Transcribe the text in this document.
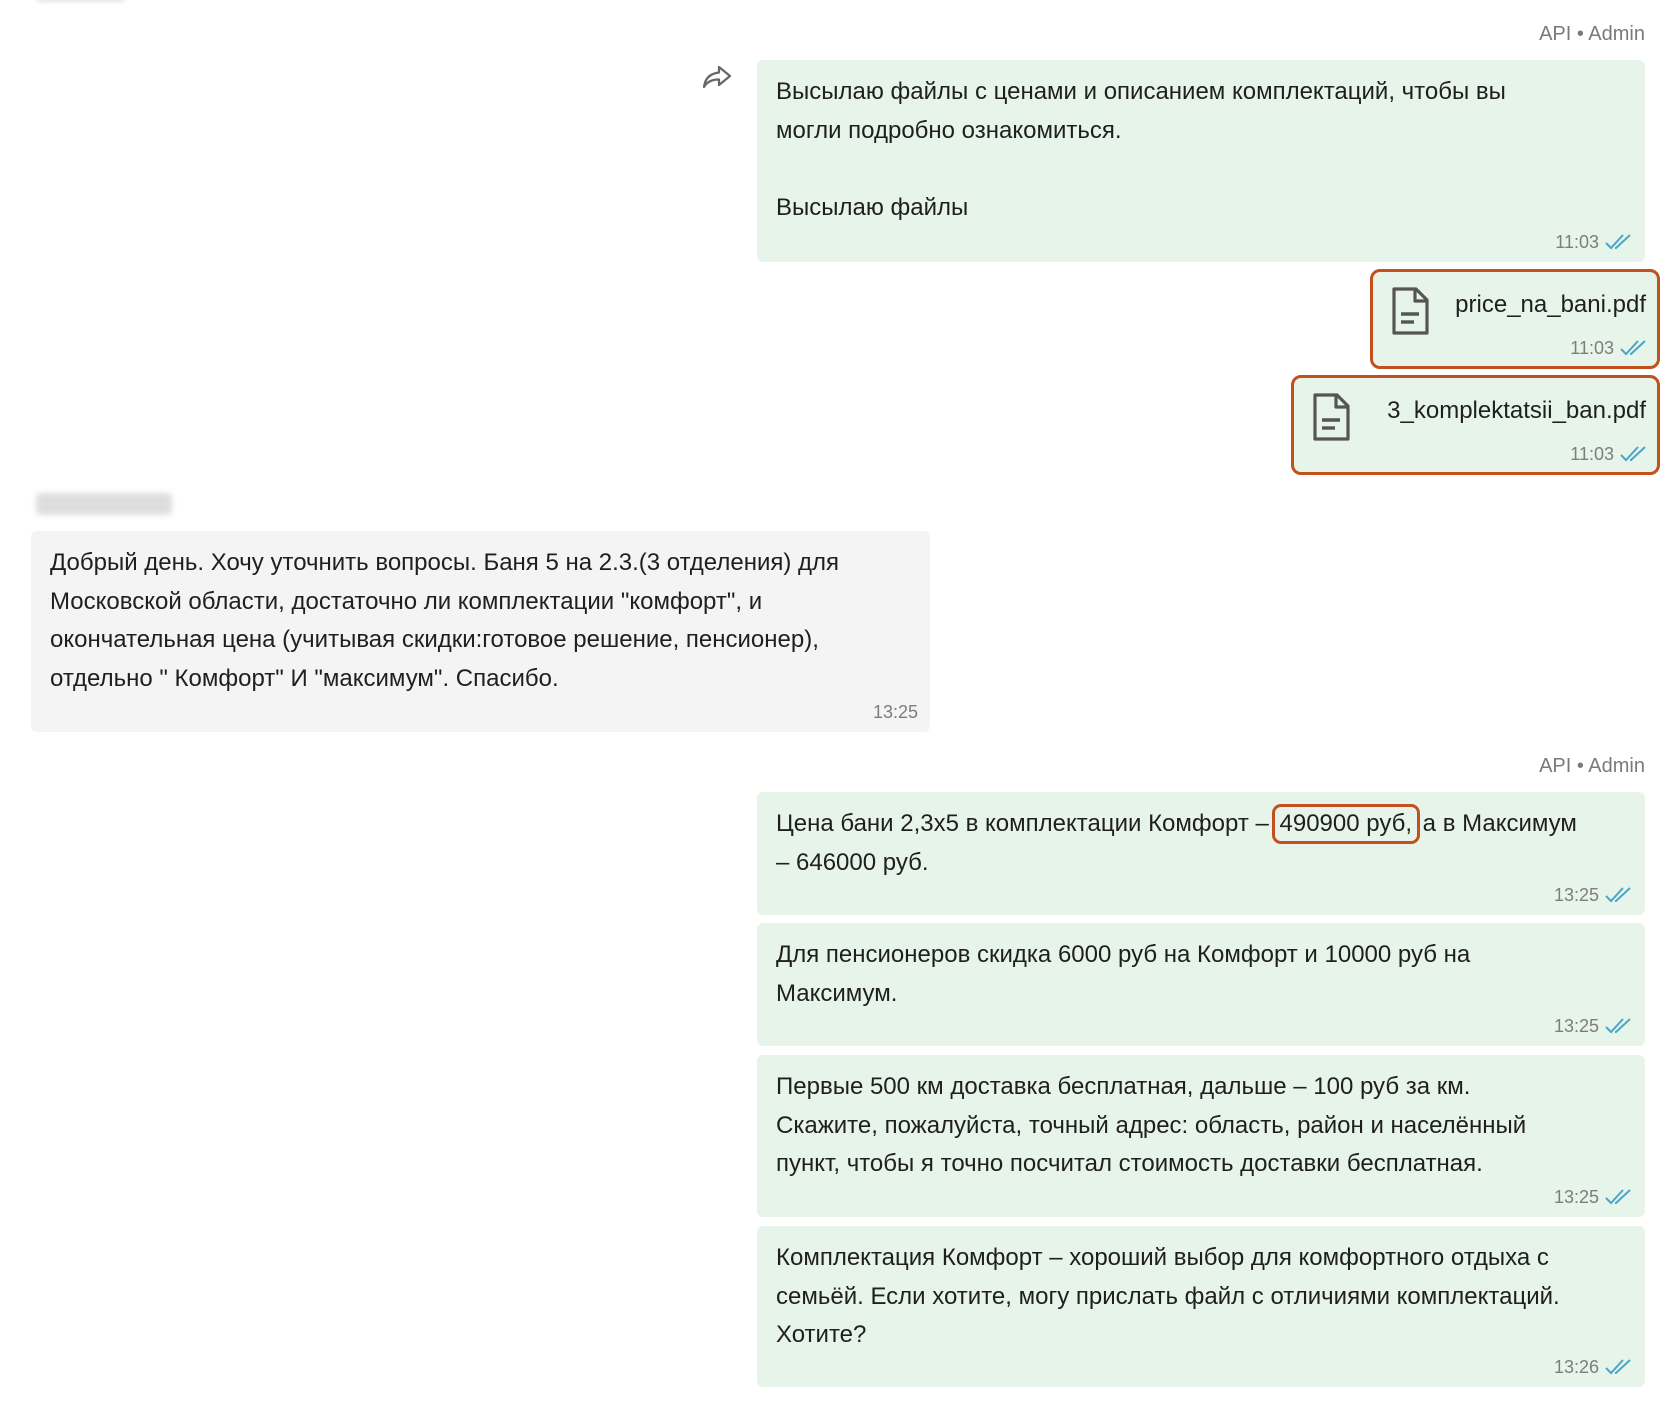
API • Admin
Высылаю файлы с ценами и описанием комплектаций, чтобы вы
могли подробно ознакомиться.

Высылаю файлы
11:03
price_na_bani.pdf
11:03
3_komplektatsii_ban.pdf
11:03
Добрый день. Хочу уточнить вопросы. Баня 5 на 2.3.(3 отделения) для
Московской области, достаточно ли комплектации "комфорт", и
окончательная цена (учитывая скидки:готовое решение, пенсионер),
отдельно " Комфорт" И "максимум". Спасибо.
13:25
API • Admin
Цена бани 2,3х5 в комплектации Комфорт – 490900 руб, а в Максимум
– 646000 руб.
13:25
Для пенсионеров скидка 6000 руб на Комфорт и 10000 руб на
Максимум.
13:25
Первые 500 км доставка бесплатная, дальше – 100 руб за км.
Скажите, пожалуйста, точный адрес: область, район и населённый
пункт, чтобы я точно посчитал стоимость доставки бесплатная.
13:25
Комплектация Комфорт – хороший выбор для комфортного отдыха с
семьёй. Если хотите, могу прислать файл с отличиями комплектаций.
Хотите?
13:26
